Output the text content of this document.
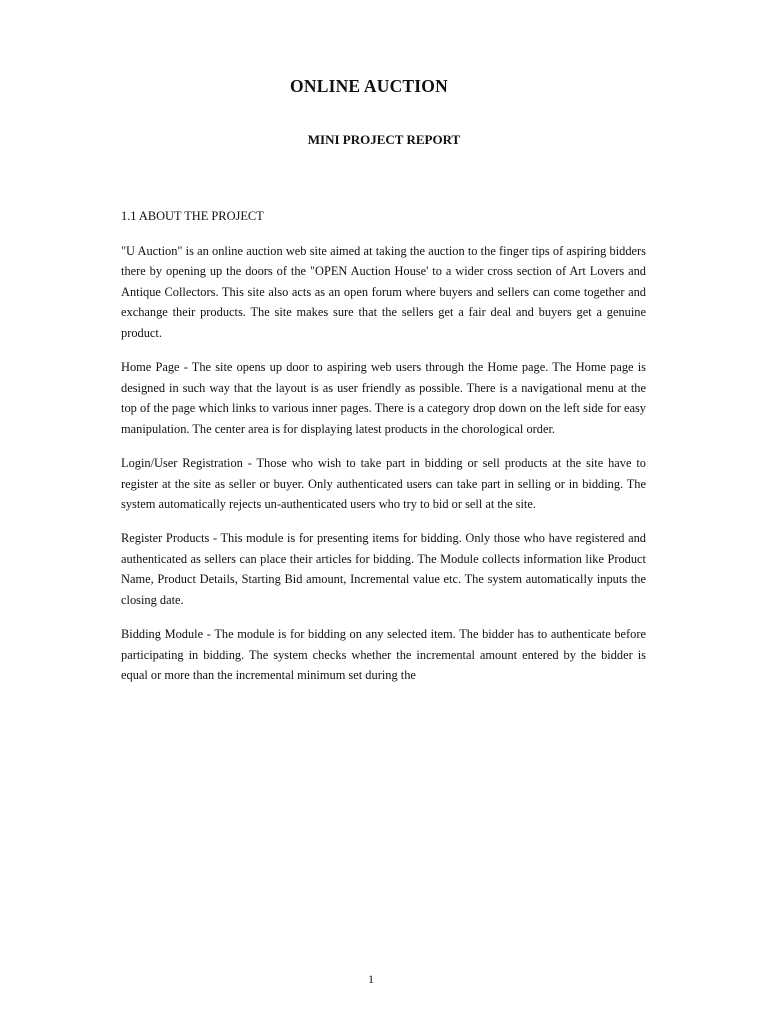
ONLINE AUCTION
MINI PROJECT REPORT
1.1 ABOUT THE PROJECT

"U Auction" is an online auction web site aimed at taking the auction to the finger tips of aspiring bidders there by opening up the doors of the "OPEN Auction House' to a wider cross section of Art Lovers and Antique Collectors. This site also acts as an open forum where buyers and sellers can come together and exchange their products. The site makes sure that the sellers get a fair deal and buyers get a genuine product.

Home Page - The site opens up door to aspiring web users through the Home page. The Home page is designed in such way that the layout is as user friendly as possible. There is a navigational menu at the top of the page which links to various inner pages. There is a category drop down on the left side for easy manipulation. The center area is for displaying latest products in the chorological order.

Login/User Registration - Those who wish to take part in bidding or sell products at the site have to register at the site as seller or buyer. Only authenticated users can take part in selling or in bidding. The system automatically rejects un-authenticated users who try to bid or sell at the site.

Register Products - This module is for presenting items for bidding. Only those who have registered and authenticated as sellers can place their articles for bidding. The Module collects information like Product Name, Product Details, Starting Bid amount, Incremental value etc. The system automatically inputs the closing date.

Bidding Module - The module is for bidding on any selected item. The bidder has to authenticate before participating in bidding. The system checks whether the incremental amount entered by the bidder is equal or more than the incremental minimum set during the

1
